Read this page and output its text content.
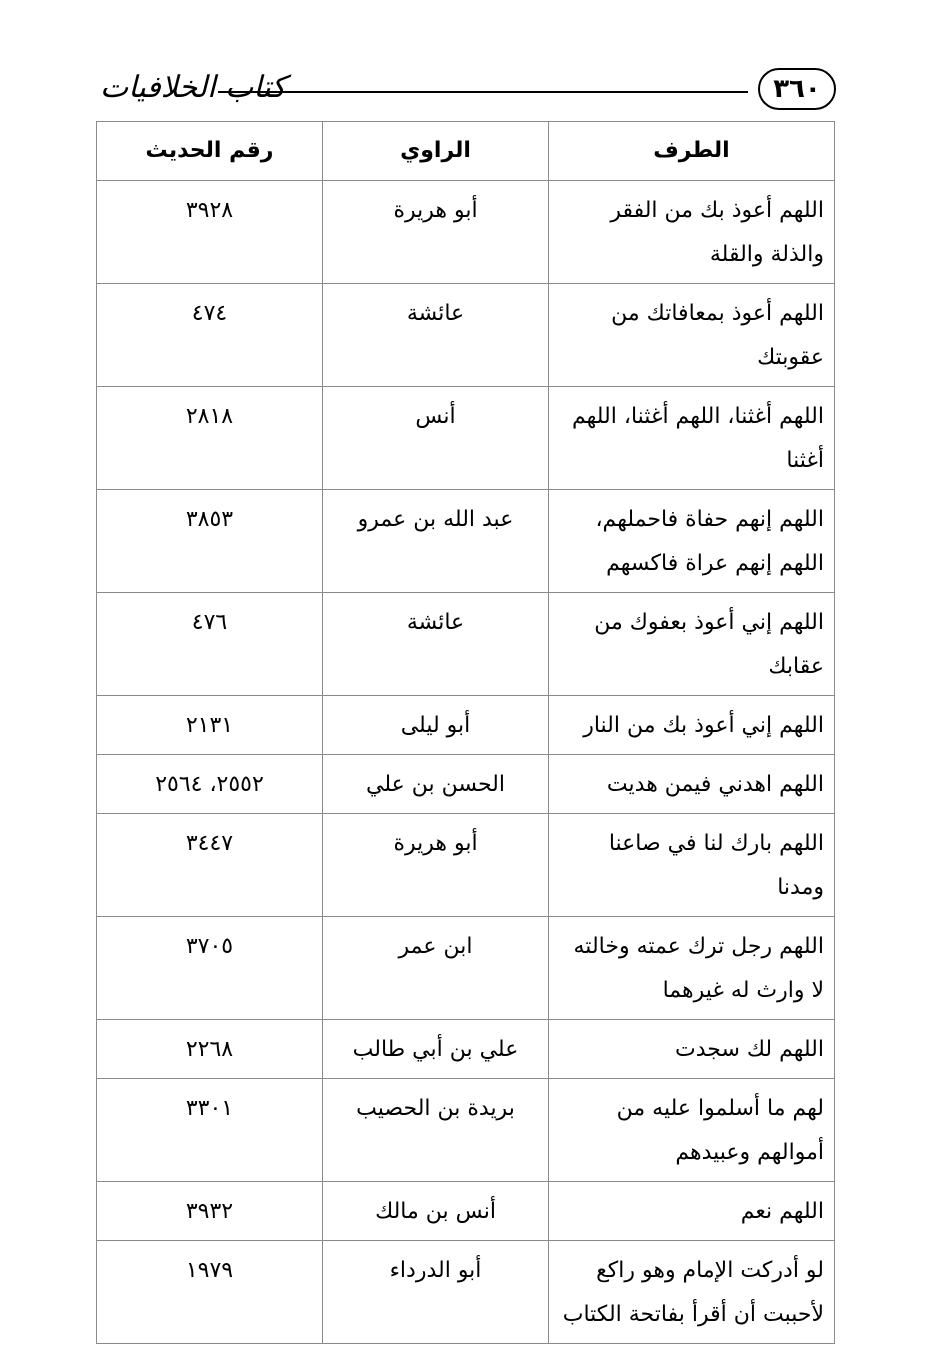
كتاب الخلافيات	٣٦٠
الطرف	الراوي	رقم الحديث
اللهم أعوذ بك من الفقر والذلة والقلة	أبو هريرة	٣٩٢٨
اللهم أعوذ بمعافاتك من عقوبتك	عائشة	٤٧٤
اللهم أغثنا، اللهم أغثنا، اللهم أغثنا	أنس	٢٨١٨
اللهم إنهم حفاة فاحملهم، اللهم إنهم عراة فاكسهم	عبد الله بن عمرو	٣٨٥٣
اللهم إني أعوذ بعفوك من عقابك	عائشة	٤٧٦
اللهم إني أعوذ بك من النار	أبو ليلى	٢١٣١
اللهم اهدني فيمن هديت	الحسن بن علي	٢٥٥٢، ٢٥٦٤
اللهم بارك لنا في صاعنا ومدنا	أبو هريرة	٣٤٤٧
اللهم رجل ترك عمته وخالته لا وارث له غيرهما	ابن عمر	٣٧٠٥
اللهم لك سجدت	علي بن أبي طالب	٢٢٦٨
لهم ما أسلموا عليه من أموالهم وعبيدهم	بريدة بن الحصيب	٣٣٠١
اللهم نعم	أنس بن مالك	٣٩٣٢
لو أدركت الإمام وهو راكع لأحببت أن أقرأ بفاتحة الكتاب	أبو الدرداء	١٩٧٩
